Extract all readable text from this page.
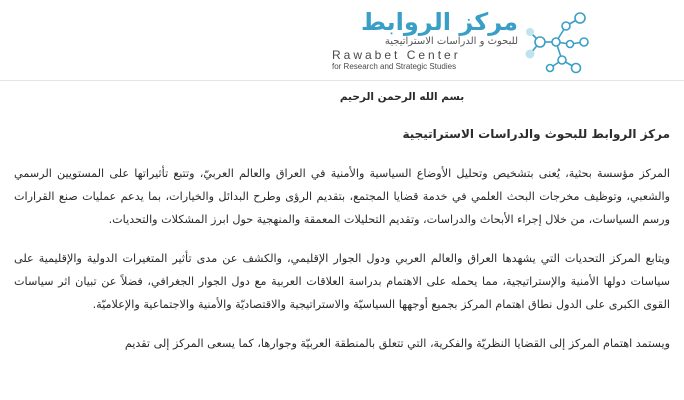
مركز الروابط
للبحوث و الدراسات الاستراتيجية
Rawabet Center
for Research and Strategic Studies

بسم الله الرحمن الرحيم

مركز الروابط للبحوث والدراسات الاستراتيجية

المركز مؤسسة بحثية، يُعنى بتشخيص وتحليل الأوضاع السياسية والأمنية في العراق والعالم العربيّ، وتتبع تأثيراتها على المستويين الرسمي والشعبي، وتوظيف مخرجات البحث العلمي في خدمة قضايا المجتمع، بتقديم الرؤى وطرح البدائل والخيارات، بما يدعم عمليات صنع القرارات ورسم السياسات، من خلال إجراء الأبحاث والدراسات، وتقديم التحليلات المعمقة والمنهجية حول ابرز المشكلات والتحديات.

ويتابع المركز التحديات التي يشهدها العراق والعالم العربي ودول الجوار الإقليمي، والكشف عن مدى تأثير المتغيرات الدولية والإقليمية على سياسات دولها الأمنية والإستراتيجية، مما يحمله على الاهتمام بدراسة العلاقات العربية مع دول الجوار الجغرافي، فضلاً عن تبيان اثر سياسات القوى الكبرى على الدول نطاق اهتمام المركز بجميع أوجهها السياسيّة والاستراتيجية والاقتصاديّة والأمنية والاجتماعية والإعلاميّة.

ويستمد اهتمام المركز إلى القضايا النظريّة والفكرية، التي تتعلق بالمنطقة العربيّة وجوارها، كما يسعى المركز إلى تقديم
